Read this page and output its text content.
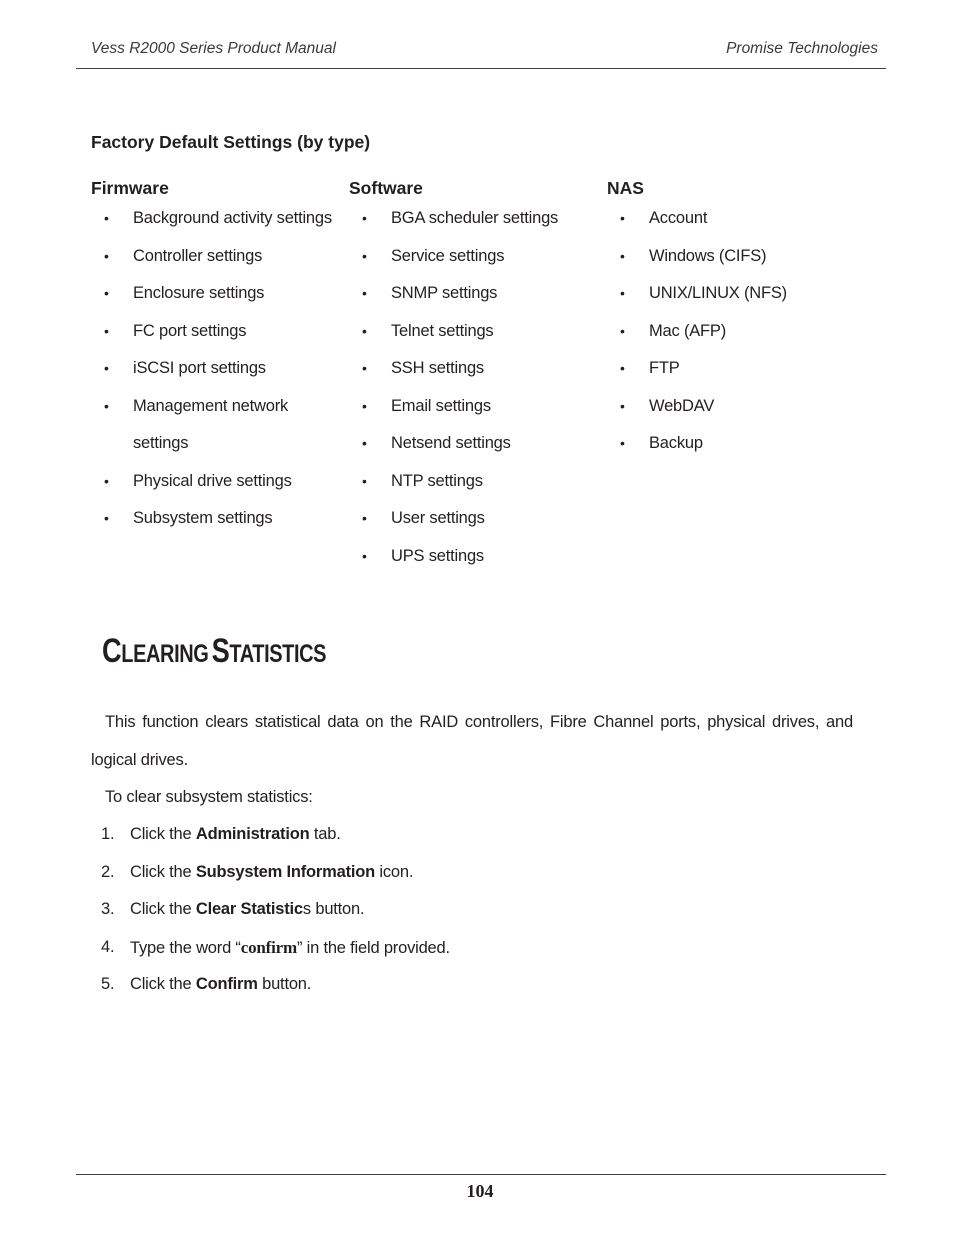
Vess R2000 Series Product Manual	Promise Technologies
Factory Default Settings (by type)
Firmware
• Background activity settings
• Controller settings
• Enclosure settings
• FC port settings
• iSCSI port settings
• Management network
settings
• Physical drive settings
• Subsystem settings
Software
• BGA scheduler settings
• Service settings
• SNMP settings
• Telnet settings
• SSH settings
• Email settings
• Netsend settings
• NTP settings
• User settings
• UPS settings
NAS
• Account
• Windows (CIFS)
• UNIX/LINUX (NFS)
• Mac (AFP)
• FTP
• WebDAV
• Backup
CLEARING STATISTICS
This function clears statistical data on the RAID controllers, Fibre Channel ports, physical drives, and logical drives.
To clear subsystem statistics:
1. Click the Administration tab.
2. Click the Subsystem Information icon.
3. Click the Clear Statistics button.
4. Type the word “confirm” in the field provided.
5. Click the Confirm button.
104
